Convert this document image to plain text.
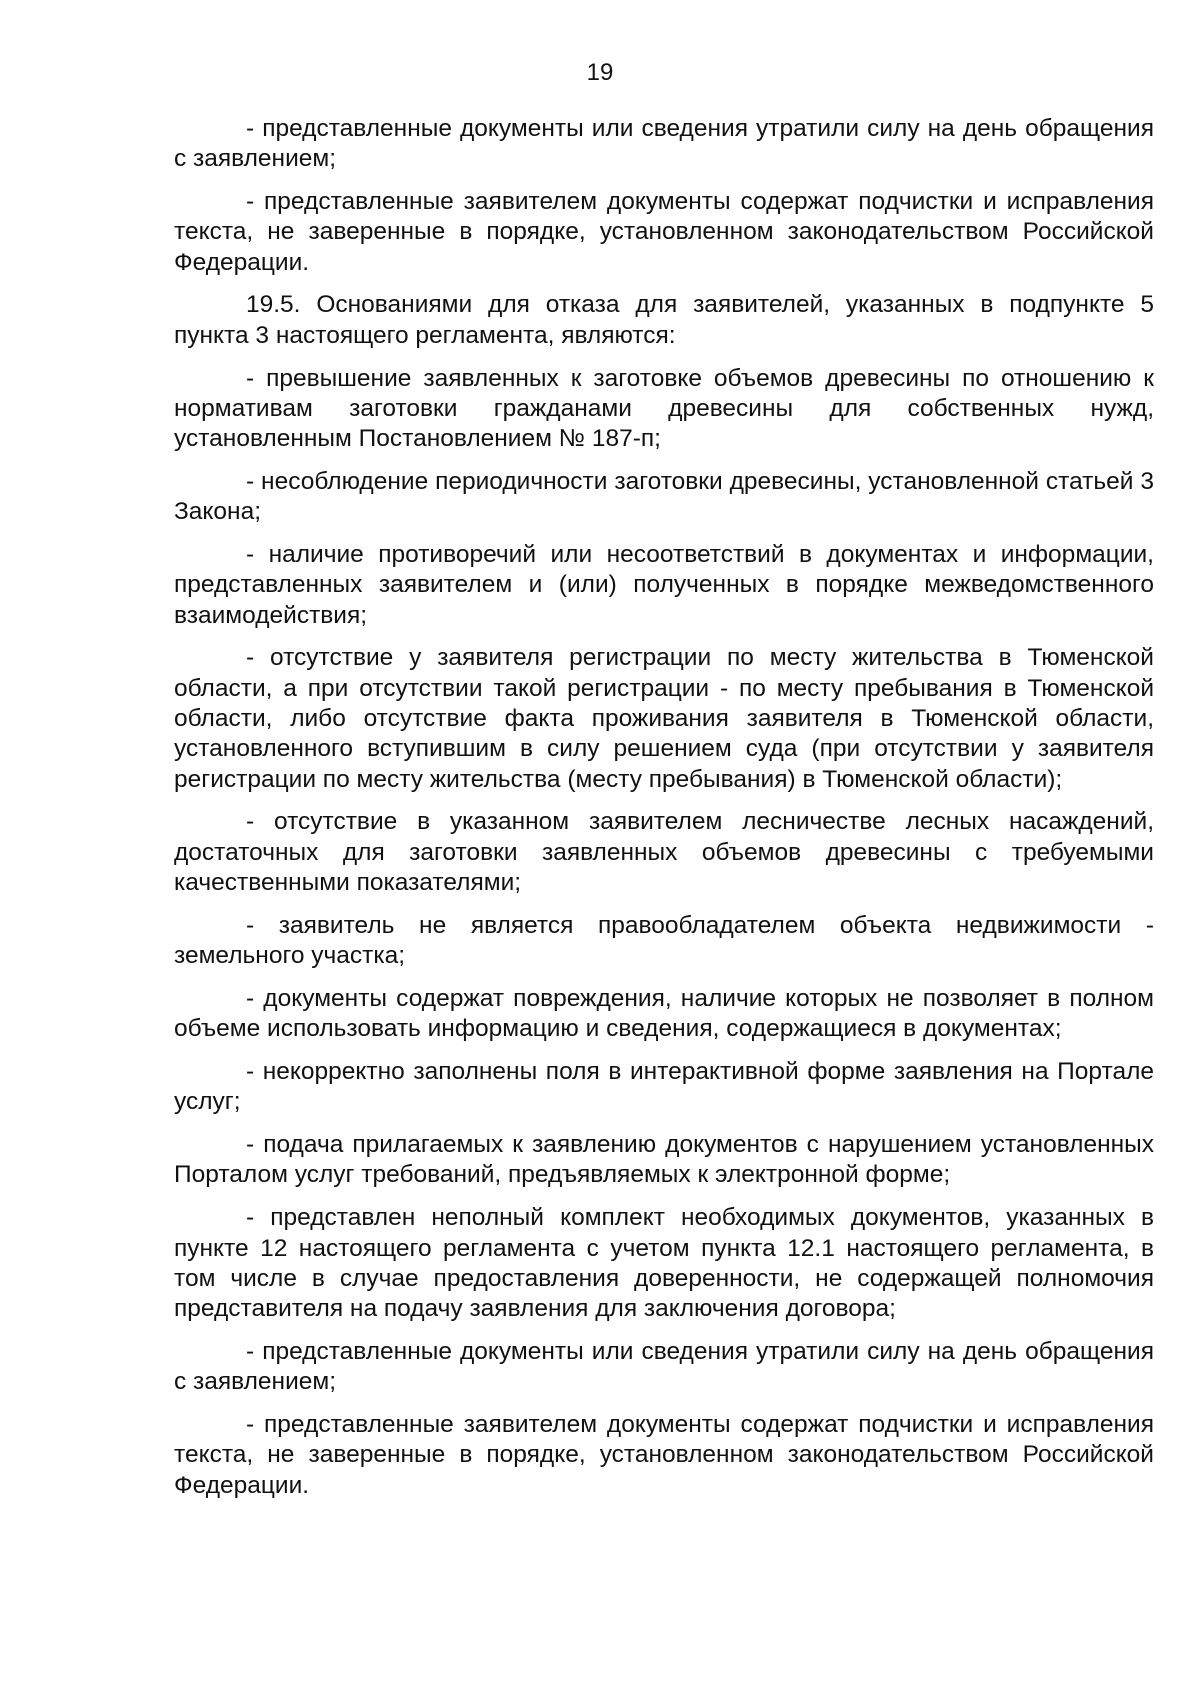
19

- представленные документы или сведения утратили силу на день обращения с заявлением;

- представленные заявителем документы содержат подчистки и исправления текста, не заверенные в порядке, установленном законодательством Российской Федерации.

19.5. Основаниями для отказа для заявителей, указанных в подпункте 5 пункта 3 настоящего регламента, являются:

- превышение заявленных к заготовке объемов древесины по отношению к нормативам заготовки гражданами древесины для собственных нужд, установленным Постановлением № 187-п;

- несоблюдение периодичности заготовки древесины, установленной статьей 3 Закона;

- наличие противоречий или несоответствий в документах и информации, представленных заявителем и (или) полученных в порядке межведомственного взаимодействия;

- отсутствие у заявителя регистрации по месту жительства в Тюменской области, а при отсутствии такой регистрации - по месту пребывания в Тюменской области, либо отсутствие факта проживания заявителя в Тюменской области, установленного вступившим в силу решением суда (при отсутствии у заявителя регистрации по месту жительства (месту пребывания) в Тюменской области);

- отсутствие в указанном заявителем лесничестве лесных насаждений, достаточных для заготовки заявленных объемов древесины с требуемыми качественными показателями;

- заявитель не является правообладателем объекта недвижимости - земельного участка;

- документы содержат повреждения, наличие которых не позволяет в полном объеме использовать информацию и сведения, содержащиеся в документах;

- некорректно заполнены поля в интерактивной форме заявления на Портале услуг;

- подача прилагаемых к заявлению документов с нарушением установленных Порталом услуг требований, предъявляемых к электронной форме;

- представлен неполный комплект необходимых документов, указанных в пункте 12 настоящего регламента с учетом пункта 12.1 настоящего регламента, в том числе в случае предоставления доверенности, не содержащей полномочия представителя на подачу заявления для заключения договора;

- представленные документы или сведения утратили силу на день обращения с заявлением;

- представленные заявителем документы содержат подчистки и исправления текста, не заверенные в порядке, установленном законодательством Российской Федерации.
